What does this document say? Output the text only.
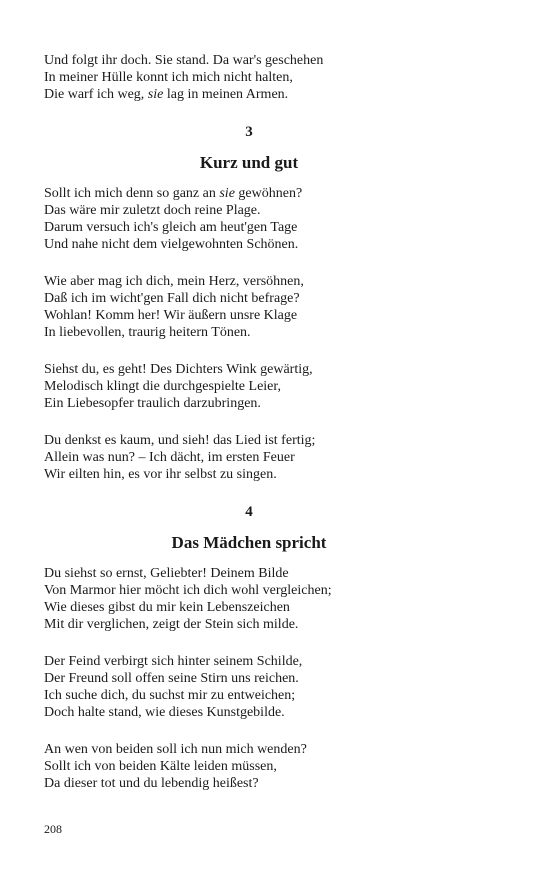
Und folgt ihr doch. Sie stand. Da war's geschehen
In meiner Hülle konnt ich mich nicht halten,
Die warf ich weg, sie lag in meinen Armen.
3
Kurz und gut
Sollt ich mich denn so ganz an sie gewöhnen?
Das wäre mir zuletzt doch reine Plage.
Darum versuch ich's gleich am heut'gen Tage
Und nahe nicht dem vielgewohnten Schönen.
Wie aber mag ich dich, mein Herz, versöhnen,
Daß ich im wicht'gen Fall dich nicht befrage?
Wohlan! Komm her! Wir äußern unsre Klage
In liebevollen, traurig heitern Tönen.
Siehst du, es geht! Des Dichters Wink gewärtig,
Melodisch klingt die durchgespielte Leier,
Ein Liebesopfer traulich darzubringen.
Du denkst es kaum, und sieh! das Lied ist fertig;
Allein was nun? – Ich dächt, im ersten Feuer
Wir eilten hin, es vor ihr selbst zu singen.
4
Das Mädchen spricht
Du siehst so ernst, Geliebter! Deinem Bilde
Von Marmor hier möcht ich dich wohl vergleichen;
Wie dieses gibst du mir kein Lebenszeichen
Mit dir verglichen, zeigt der Stein sich milde.
Der Feind verbirgt sich hinter seinem Schilde,
Der Freund soll offen seine Stirn uns reichen.
Ich suche dich, du suchst mir zu entweichen;
Doch halte stand, wie dieses Kunstgebilde.
An wen von beiden soll ich nun mich wenden?
Sollt ich von beiden Kälte leiden müssen,
Da dieser tot und du lebendig heißest?
208
